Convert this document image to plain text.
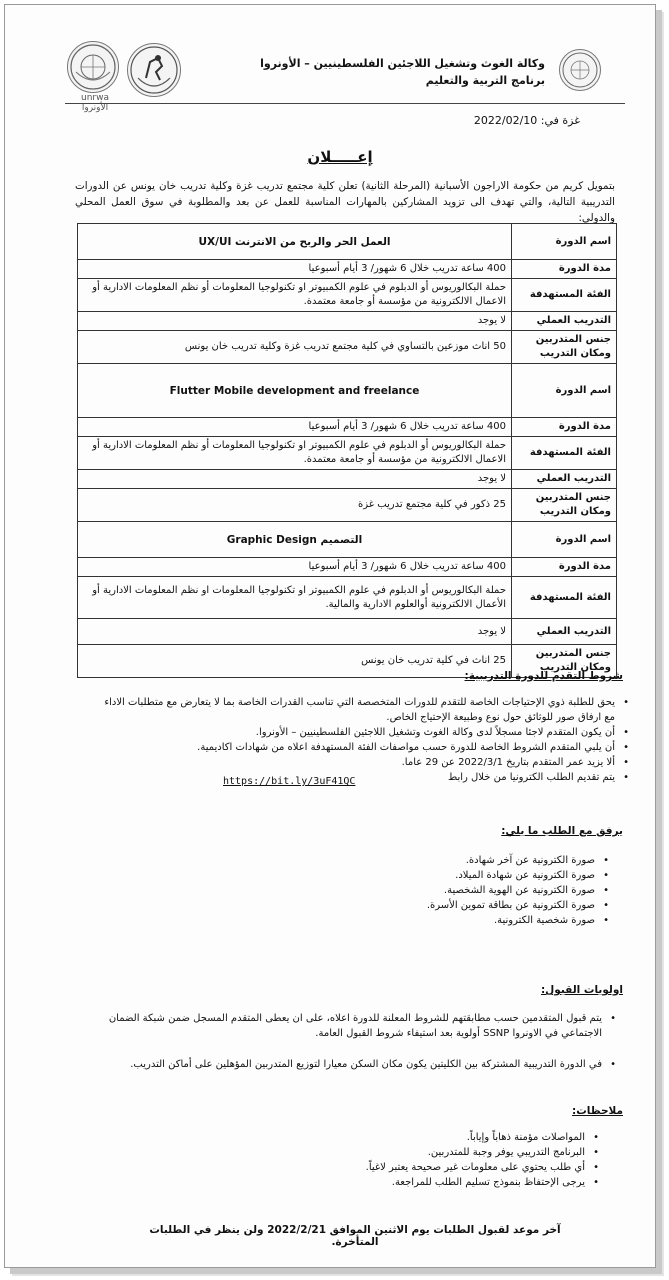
unrwa
الأونروا
وكالة الغوث وتشغيل اللاجئين الفلسطينيين – الأونروا
برنامج التربية والتعليم
غزة في: 2022/02/10
إعـــــلان
بتمويل كريم من حكومة الاراجون الأسبانية (المرحلة الثانية) تعلن كلية مجتمع تدريب غزة وكلية تدريب خان يونس عن الدورات التدريبية التالية، والتي تهدف الى تزويد المشاركين بالمهارات المناسبة للعمل عن بعد والمطلوبة في سوق العمل المحلي والدولي:
اسم الدورة	العمل الحر والربح من الانترنت UX/UI
مدة الدورة	400 ساعة تدريب خلال 6 شهور/ 3 أيام أسبوعيا
الفئة المستهدفة	حملة البكالوريوس أو الدبلوم في علوم الكمبيوتر او تكنولوجيا المعلومات أو نظم المعلومات الادارية أو الاعمال الالكترونية من مؤسسة أو جامعة معتمدة.
التدريب العملي	لا يوجد
جنس المتدربين ومكان التدريب	50 اناث موزعين بالتساوي في كلية مجتمع تدريب غزة وكلية تدريب خان يونس
اسم الدورة	Flutter Mobile development and freelance
مدة الدورة	400 ساعة تدريب خلال 6 شهور/ 3 أيام أسبوعيا
الفئة المستهدفة	حملة البكالوريوس أو الدبلوم في علوم الكمبيوتر او تكنولوجيا المعلومات أو نظم المعلومات الادارية أو الاعمال الالكترونية من مؤسسة أو جامعة معتمدة.
التدريب العملي	لا يوجد
جنس المتدربين ومكان التدريب	25 ذكور في كلية مجتمع تدريب غزة
اسم الدورة	التصميم Graphic Design
مدة الدورة	400 ساعة تدريب خلال 6 شهور/ 3 أيام أسبوعيا
الفئة المستهدفة	حملة البكالوريوس أو الدبلوم في علوم الكمبيوتر او تكنولوجيا المعلومات او نظم المعلومات الادارية أو الأعمال الالكترونية أوالعلوم الادارية والمالية.
التدريب العملي	لا يوجد
جنس المتدربين ومكان التدريب	25 اناث في كلية تدريب خان يونس
شروط التقدم للدورة التدريبية:
• يحق للطلبة ذوي الإحتياجات الخاصة للتقدم للدورات المتخصصة التي تناسب القدرات الخاصة بما لا يتعارض مع متطلبات الاداء مع ارفاق صور للوثائق حول نوع وطبيعة الإحتياج الخاص.
• أن يكون المتقدم لاجئا مسجلاً لدى وكالة الغوث وتشغيل اللاجئين الفلسطينيين – الأونروا.
• أن يلبي المتقدم الشروط الخاصة للدورة حسب مواصفات الفئة المستهدفة اعلاه من شهادات اكاديمية.
• ألا يزيد عمر المتقدم بتاريخ 2022/3/1 عن 29 عاما.
• يتم تقديم الطلب الكترونيا من خلال رابط
https://bit.ly/3uF41QC
يرفق مع الطلب ما يلي:
• صورة الكترونية عن آخر شهادة.
• صورة الكترونية عن شهادة الميلاد.
• صورة الكترونية عن الهوية الشخصية.
• صورة الكترونية عن بطاقة تموين الأسرة.
• صورة شخصية الكترونية.
اولويات القبول:
• يتم قبول المتقدمين حسب مطابقتهم للشروط المعلنة للدورة اعلاه، على ان يعطى المتقدم المسجل ضمن شبكة الضمان الاجتماعي في الاونروا SSNP أولوية بعد استيفاء شروط القبول العامة.
• في الدورة التدريبية المشتركة بين الكليتين يكون مكان السكن معيارا لتوزيع المتدربين المؤهلين على أماكن التدريب.
ملاحظات:
• المواصلات مؤمنة ذهاباً وإياباً.
• البرنامج التدريبي يوفر وجبة للمتدربين.
• أي طلب يحتوي على معلومات غير صحيحة يعتبر لاغياً.
• يرجى الإحتفاظ بنموذج تسليم الطلب للمراجعة.
آخر موعد لقبول الطلبات يوم الاثنين الموافق 2022/2/21 ولن ينظر في الطلبات المتأخرة.
